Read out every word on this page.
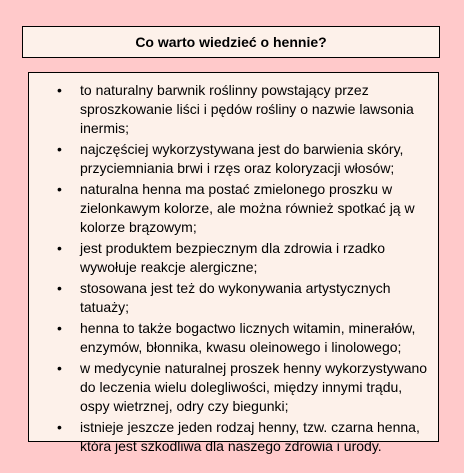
Co warto wiedzieć o hennie?
• to naturalny barwnik roślinny powstający przez sproszkowanie liści i pędów rośliny o nazwie lawsonia inermis;
• najczęściej wykorzystywana jest do barwienia skóry, przyciemniania brwi i rzęs oraz koloryzacji włosów;
• naturalna henna ma postać zmielonego proszku w zielonkawym kolorze, ale można również spotkać ją w kolorze brązowym;
• jest produktem bezpiecznym dla zdrowia i rzadko wywołuje reakcje alergiczne;
• stosowana jest też do wykonywania artystycznych tatuaży;
• henna to także bogactwo licznych witamin, minerałów, enzymów, błonnika, kwasu oleinowego i linolowego;
• w medycynie naturalnej proszek henny wykorzystywano do leczenia wielu dolegliwości, między innymi trądu, ospy wietrznej, odry czy biegunki;
• istnieje jeszcze jeden rodzaj henny, tzw. czarna henna, która jest szkodliwa dla naszego zdrowia i urody.
